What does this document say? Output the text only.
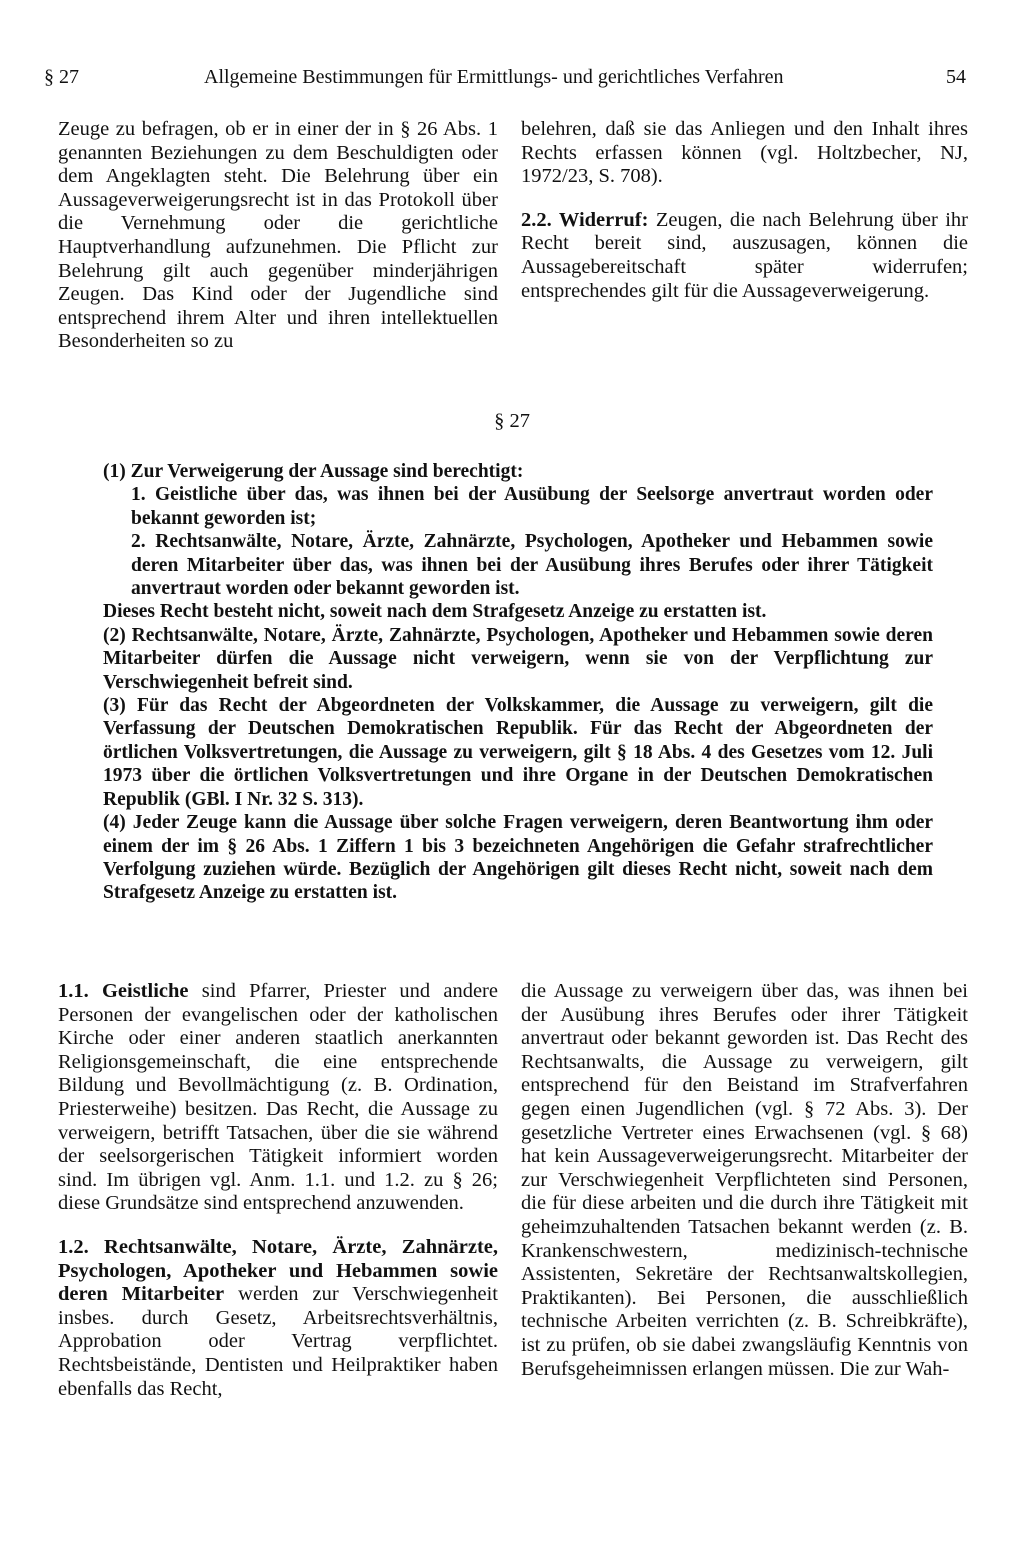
§ 27	Allgemeine Bestimmungen für Ermittlungs- und gerichtliches Verfahren	54

Zeuge zu befragen, ob er in einer der in § 26 Abs. 1 genannten Beziehungen zu dem Beschuldigten oder dem Angeklagten steht. Die Belehrung über ein Aussageverweigerungsrecht ist in das Protokoll über die Vernehmung oder die gerichtliche Hauptverhandlung aufzunehmen. Die Pflicht zur Belehrung gilt auch gegenüber minderjährigen Zeugen. Das Kind oder der Jugendliche sind entsprechend ihrem Alter und ihren intellektuellen Besonderheiten so zu

belehren, daß sie das Anliegen und den Inhalt ihres Rechts erfassen können (vgl. Holtzbecher, NJ, 1972/23, S. 708).

2.2. Widerruf: Zeugen, die nach Belehrung über ihr Recht bereit sind, auszusagen, können die Aussagebereitschaft später widerrufen; entsprechendes gilt für die Aussageverweigerung.

§ 27

(1) Zur Verweigerung der Aussage sind berechtigt:

1. Geistliche über das, was ihnen bei der Ausübung der Seelsorge anvertraut worden oder bekannt geworden ist;

2. Rechtsanwälte, Notare, Ärzte, Zahnärzte, Psychologen, Apotheker und Hebammen sowie deren Mitarbeiter über das, was ihnen bei der Ausübung ihres Berufes oder ihrer Tätigkeit anvertraut worden oder bekannt geworden ist.

Dieses Recht besteht nicht, soweit nach dem Strafgesetz Anzeige zu erstatten ist.

(2) Rechtsanwälte, Notare, Ärzte, Zahnärzte, Psychologen, Apotheker und Hebammen sowie deren Mitarbeiter dürfen die Aussage nicht verweigern, wenn sie von der Verpflichtung zur Verschwiegenheit befreit sind.

(3) Für das Recht der Abgeordneten der Volkskammer, die Aussage zu verweigern, gilt die Verfassung der Deutschen Demokratischen Republik. Für das Recht der Abgeordneten der örtlichen Volksvertretungen, die Aussage zu verweigern, gilt § 18 Abs. 4 des Gesetzes vom 12. Juli 1973 über die örtlichen Volksvertretungen und ihre Organe in der Deutschen Demokratischen Republik (GBl. I Nr. 32 S. 313).

(4) Jeder Zeuge kann die Aussage über solche Fragen verweigern, deren Beantwortung ihm oder einem der im § 26 Abs. 1 Ziffern 1 bis 3 bezeichneten Angehörigen die Gefahr strafrechtlicher Verfolgung zuziehen würde. Bezüglich der Angehörigen gilt dieses Recht nicht, soweit nach dem Strafgesetz Anzeige zu erstatten ist.

1.1. Geistliche sind Pfarrer, Priester und andere Personen der evangelischen oder der katholischen Kirche oder einer anderen staatlich anerkannten Religionsgemeinschaft, die eine entsprechende Bildung und Bevollmächtigung (z. B. Ordination, Priesterweihe) besitzen. Das Recht, die Aussage zu verweigern, betrifft Tatsachen, über die sie während der seelsorgerischen Tätigkeit informiert worden sind. Im übrigen vgl. Anm. 1.1. und 1.2. zu § 26; diese Grundsätze sind entsprechend anzuwenden.

1.2. Rechtsanwälte, Notare, Ärzte, Zahnärzte, Psychologen, Apotheker und Hebammen sowie deren Mitarbeiter werden zur Verschwiegenheit insbes. durch Gesetz, Arbeitsrechtsverhältnis, Approbation oder Vertrag verpflichtet. Rechtsbeistände, Dentisten und Heilpraktiker haben ebenfalls das Recht,

die Aussage zu verweigern über das, was ihnen bei der Ausübung ihres Berufes oder ihrer Tätigkeit anvertraut oder bekannt geworden ist. Das Recht des Rechtsanwalts, die Aussage zu verweigern, gilt entsprechend für den Beistand im Strafverfahren gegen einen Jugendlichen (vgl. § 72 Abs. 3). Der gesetzliche Vertreter eines Erwachsenen (vgl. § 68) hat kein Aussageverweigerungsrecht. Mitarbeiter der zur Verschwiegenheit Verpflichteten sind Personen, die für diese arbeiten und die durch ihre Tätigkeit mit geheimzuhaltenden Tatsachen bekannt werden (z. B. Krankenschwestern, medizinisch-technische Assistenten, Sekretäre der Rechtsanwaltskollegien, Praktikanten). Bei Personen, die ausschließlich technische Arbeiten verrichten (z. B. Schreibkräfte), ist zu prüfen, ob sie dabei zwangsläufig Kenntnis von Berufsgeheimnissen erlangen müssen. Die zur Wah-
